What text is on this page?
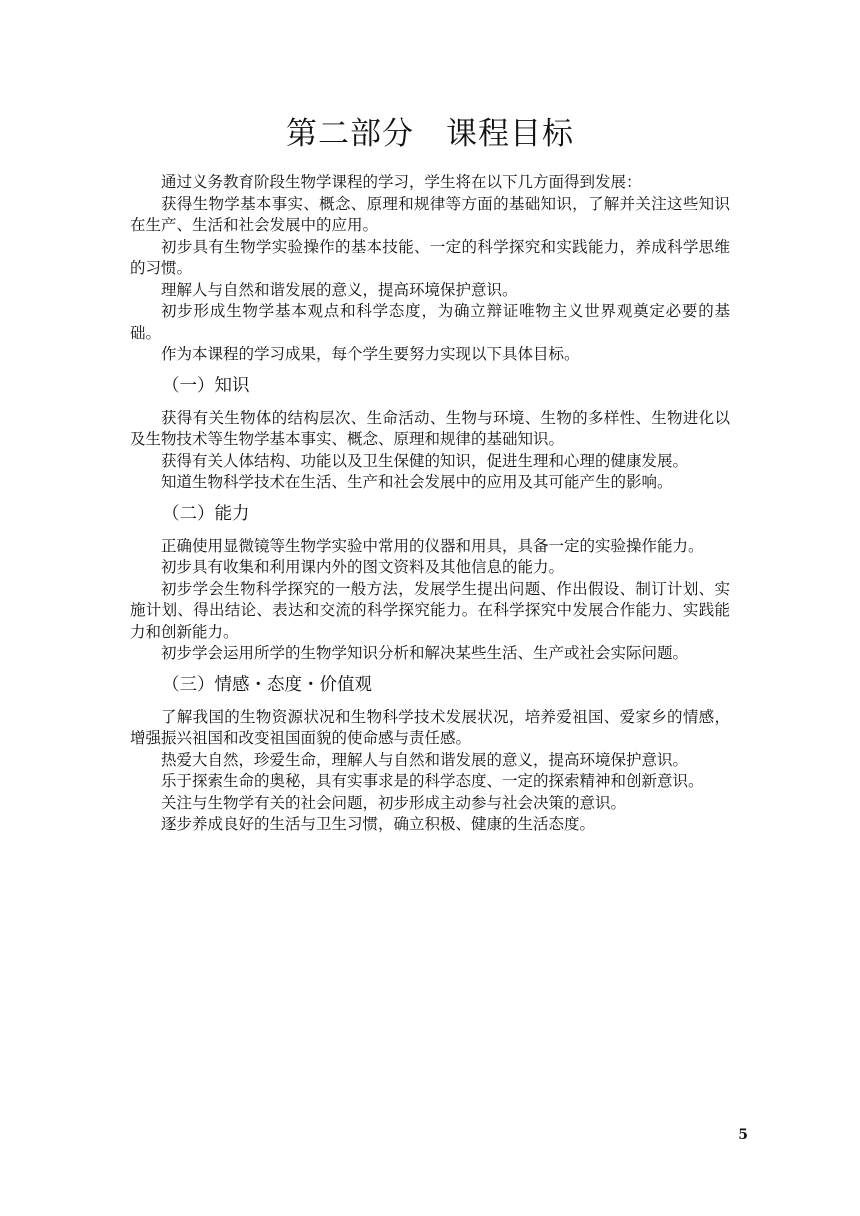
第二部分　课程目标

通过义务教育阶段生物学课程的学习，学生将在以下几方面得到发展：

获得生物学基本事实、概念、原理和规律等方面的基础知识，了解并关注这些知识在生产、生活和社会发展中的应用。

初步具有生物学实验操作的基本技能、一定的科学探究和实践能力，养成科学思维的习惯。

理解人与自然和谐发展的意义，提高环境保护意识。

初步形成生物学基本观点和科学态度，为确立辩证唯物主义世界观奠定必要的基础。

作为本课程的学习成果，每个学生要努力实现以下具体目标。

（一）知识

获得有关生物体的结构层次、生命活动、生物与环境、生物的多样性、生物进化以及生物技术等生物学基本事实、概念、原理和规律的基础知识。

获得有关人体结构、功能以及卫生保健的知识，促进生理和心理的健康发展。

知道生物科学技术在生活、生产和社会发展中的应用及其可能产生的影响。

（二）能力

正确使用显微镜等生物学实验中常用的仪器和用具，具备一定的实验操作能力。

初步具有收集和利用课内外的图文资料及其他信息的能力。

初步学会生物科学探究的一般方法，发展学生提出问题、作出假设、制订计划、实施计划、得出结论、表达和交流的科学探究能力。在科学探究中发展合作能力、实践能力和创新能力。

初步学会运用所学的生物学知识分析和解决某些生活、生产或社会实际问题。

（三）情感・态度・价值观

了解我国的生物资源状况和生物科学技术发展状况，培养爱祖国、爱家乡的情感，增强振兴祖国和改变祖国面貌的使命感与责任感。

热爱大自然，珍爱生命，理解人与自然和谐发展的意义，提高环境保护意识。

乐于探索生命的奥秘，具有实事求是的科学态度、一定的探索精神和创新意识。

关注与生物学有关的社会问题，初步形成主动参与社会决策的意识。

逐步养成良好的生活与卫生习惯，确立积极、健康的生活态度。

5
